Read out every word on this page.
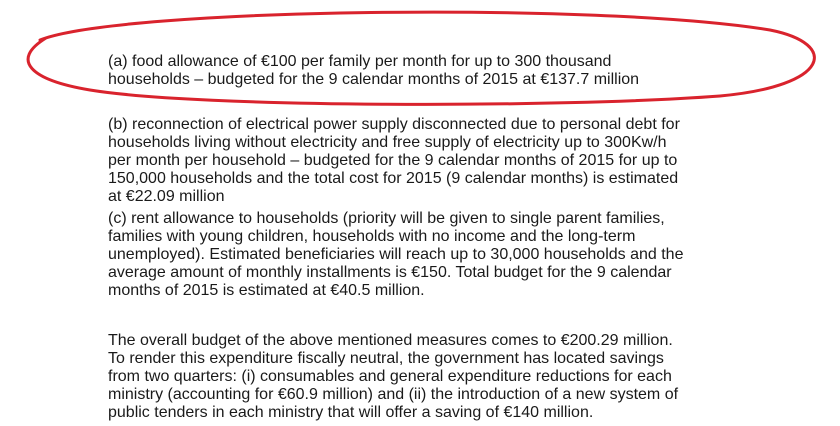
(a) food allowance of €100 per family per month for up to 300 thousand
households – budgeted for the 9 calendar months of 2015 at €137.7 million

(b) reconnection of electrical power supply disconnected due to personal debt for
households living without electricity and free supply of electricity up to 300Kw/h
per month per household – budgeted for the 9 calendar months of 2015 for up to
150,000 households and the total cost for 2015 (9 calendar months) is estimated
at €22.09 million

(c) rent allowance to households (priority will be given to single parent families,
families with young children, households with no income and the long-term
unemployed). Estimated beneficiaries will reach up to 30,000 households and the
average amount of monthly installments is €150. Total budget for the 9 calendar
months of 2015 is estimated at €40.5 million.

The overall budget of the above mentioned measures comes to €200.29 million.
To render this expenditure fiscally neutral, the government has located savings
from two quarters: (i) consumables and general expenditure reductions for each
ministry (accounting for €60.9 million) and (ii) the introduction of a new system of
public tenders in each ministry that will offer a saving of €140 million.
